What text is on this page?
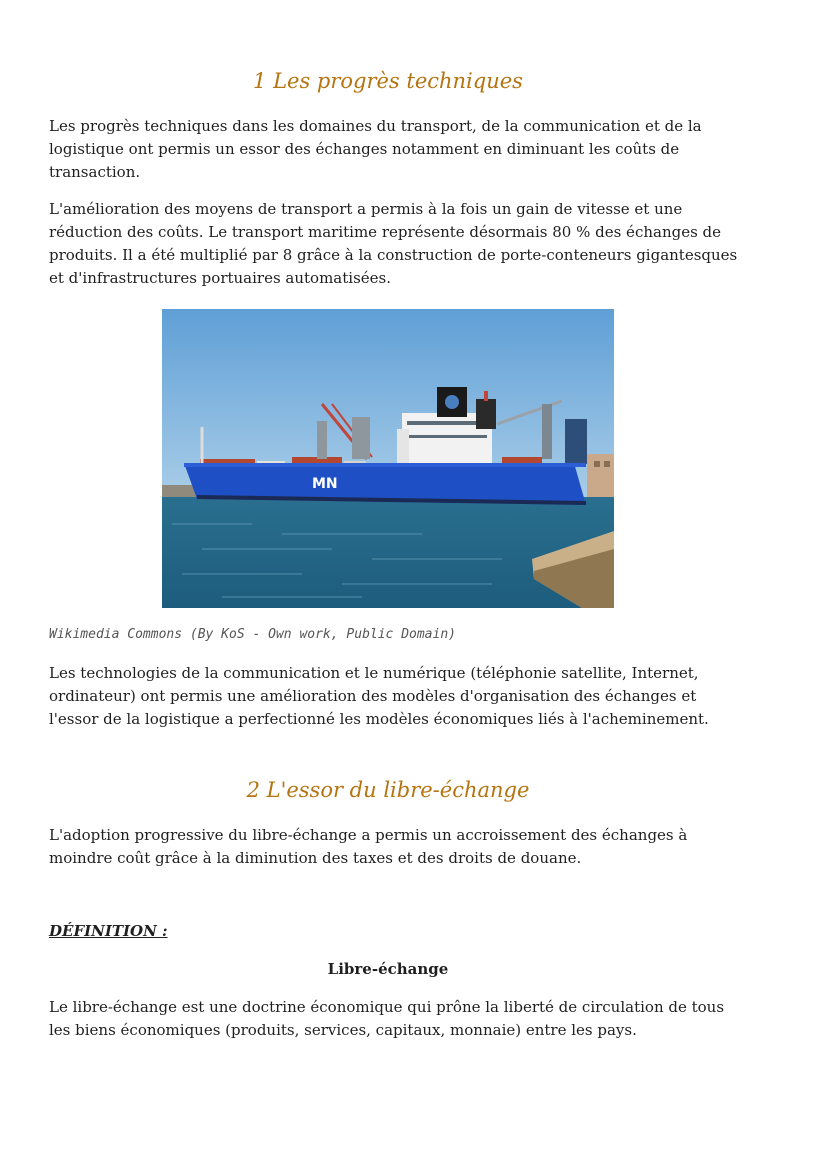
1 Les progrès techniques

Les progrès techniques dans les domaines du transport, de la communication et de la logistique ont permis un essor des échanges notamment en diminuant les coûts de transaction.

L'amélioration des moyens de transport a permis à la fois un gain de vitesse et une réduction des coûts. Le transport maritime représente désormais 80 % des échanges de produits. Il a été multiplié par 8 grâce à la construction de porte-conteneurs gigantesques et d'infrastructures portuaires automatisées.

MN

Wikimedia Commons (By KoS - Own work, Public Domain)

Les technologies de la communication et le numérique (téléphonie satellite, Internet, ordinateur) ont permis une amélioration des modèles d'organisation des échanges et l'essor de la logistique a perfectionné les modèles économiques liés à l'acheminement.

2 L'essor du libre-échange

L'adoption progressive du libre-échange a permis un accroissement des échanges à moindre coût grâce à la diminution des taxes et des droits de douane.

DÉFINITION :

Libre-échange

Le libre-échange est une doctrine économique qui prône la liberté de circulation de tous les biens économiques (produits, services, capitaux, monnaie) entre les pays.
